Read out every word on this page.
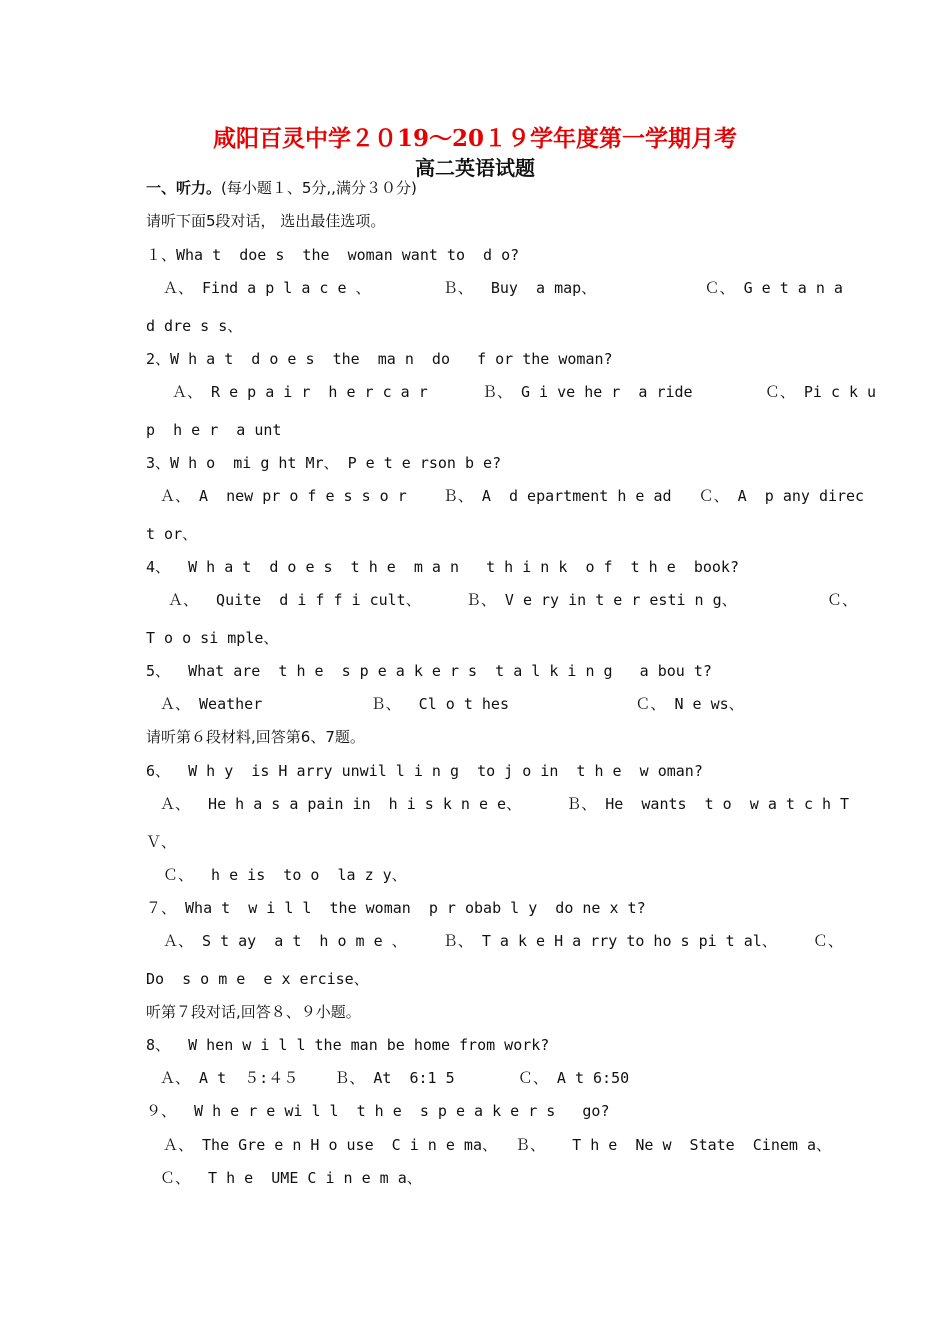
咸阳百灵中学２０19～20１９学年度第一学期月考
高二英语试题
一、听力。(每小题１、5分,,满分３０分)
请听下面5段对话， 选出最佳选项。
１、Wha t  doe s  the  woman want to  d o?
Ａ、 Find a p l a c e 、        Ｂ、  Buy  a map、            Ｃ、 G e t a n a
d dre s s、
2、W h a t  d o e s  the  ma n  do   f or the woman?
Ａ、 R e p a i r  h e r c a r      Ｂ、 G i ve he r  a ride        Ｃ、 Pi c k u
p  h e r  a unt
3、W h o  mi g ht Mr、 P e t e rson b e?
Ａ、 A  new pr o f e s s o r    Ｂ、 A  d epartment h e ad   Ｃ、 A  p any direc
t or、
4、  W h a t  d o e s  t h e  m a n   t h i n k  o f  t h e  book?
Ａ、  Quite  d i f f i cult、     Ｂ、 V e ry in t e r esti n g、          Ｃ、
T o o si mple、
5、  What are  t h e  s p e a k e r s  t a l k i n g   a bou t?
Ａ、 Weather            Ｂ、  Cl o t hes              Ｃ、 N e ws、
请听第６段材料,回答第6、7题。
6、  W h y  is H arry unwil l i n g  to j o in  t h e  w oman?
Ａ、  He h a s a pain in  h i s k n e e、     Ｂ、 He  wants  t o  w a t c h T
Ｖ、
Ｃ、  h e is  to o  la z y、
７、 Wha t  w i l l  the woman  p r obab l y  do ne x t?
Ａ、 S t ay  a t  h o m e 、    Ｂ、 T a k e H a rry to ho s pi t al、    Ｃ、
Do  s o m e  e x ercise、
听第７段对话,回答８、９小题。
8、  W hen w i l l the man be home from work?
Ａ、 A t  ５:４５    Ｂ、 At  6:1 5       Ｃ、 A t 6:50
９、  W h e r e wi l l  t h e  s p e a k e r s   go?
Ａ、 The Gre e n H o use  C i n e ma、  Ｂ、   T h e  Ne w  State  Cinem a、
Ｃ、  T h e  UME C i n e m a、
